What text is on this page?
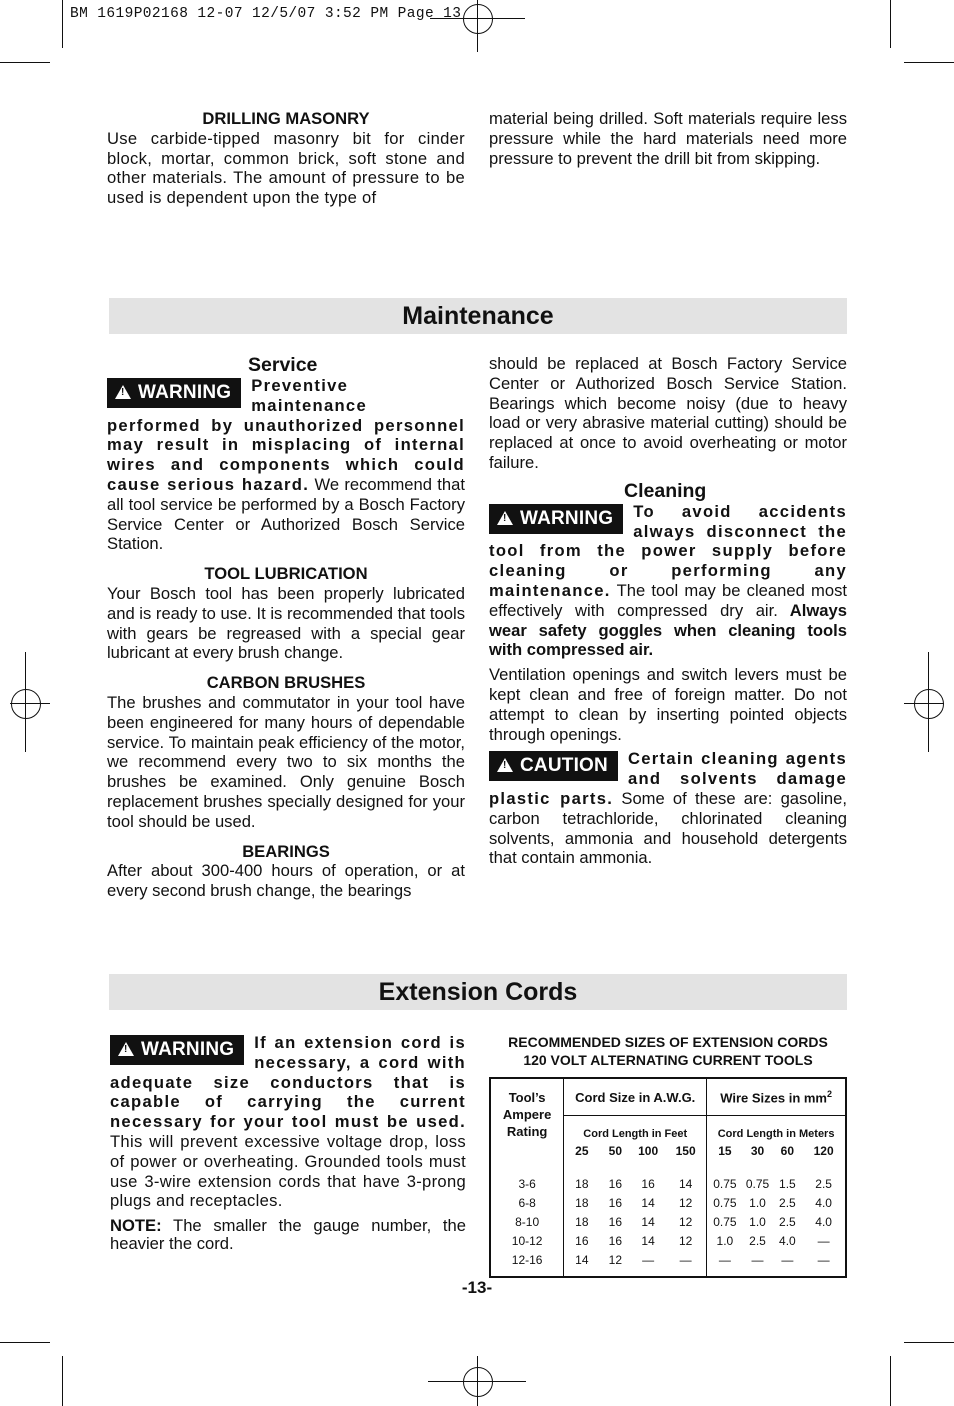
BM 1619P02168 12-07 12/5/07 3:52 PM Page 13

DRILLING MASONRY

Use carbide-tipped masonry bit for cinder block, mortar, common brick, soft stone and other materials. The amount of pressure to be used is dependent upon the type of

material being drilled. Soft materials require less pressure while the hard materials need more pressure to prevent the drill bit from skipping.

Maintenance

Service

! WARNING	Preventive maintenance performed by unauthorized personnel may result in misplacing of internal wires and components which could cause serious hazard. We recommend that all tool service be performed by a Bosch Factory Service Center or Authorized Bosch Service Station.

TOOL LUBRICATION

Your Bosch tool has been properly lubricated and is ready to use. It is recommended that tools with gears be regreased with a special gear lubricant at every brush change.

CARBON BRUSHES

The brushes and commutator in your tool have been engineered for many hours of dependable service. To maintain peak efficiency of the motor, we recommend every two to six months the brushes be examined. Only genuine Bosch replacement brushes specially designed for your tool should be used.

BEARINGS

After about 300-400 hours of operation, or at every second brush change, the bearings

should be replaced at Bosch Factory Service Center or Authorized Bosch Service Station. Bearings which become noisy (due to heavy load or very abrasive material cutting) should be replaced at once to avoid overheating or motor failure.

Cleaning

! WARNING	To avoid accidents always disconnect the tool from the power supply before cleaning or performing any maintenance. The tool may be cleaned most effectively with compressed dry air. Always wear safety goggles when cleaning tools with compressed air.

Ventilation openings and switch levers must be kept clean and free of foreign matter. Do not attempt to clean by inserting pointed objects through openings.

! CAUTION	Certain cleaning agents and solvents damage plastic parts. Some of these are: gasoline, carbon tetrachloride, chlorinated cleaning solvents, ammonia and household detergents that contain ammonia.

Extension Cords

! WARNING	If an extension cord is necessary, a cord with adequate size conductors that is capable of carrying the current necessary for your tool must be used. This will prevent excessive voltage drop, loss of power or overheating. Grounded tools must use 3-wire extension cords that have 3-prong plugs and receptacles.

NOTE: The smaller the gauge number, the heavier the cord.

RECOMMENDED SIZES OF EXTENSION CORDS
120 VOLT ALTERNATING CURRENT TOOLS
Tool’s Ampere Rating	Cord Size in A.W.G.				Wire Sizes in $mm^2$
	Cord Length in Feet				Cord Length in Meters			
	25	50	100	150	15	30	60	120

3-6	18	16	16	14	0.75	0.75	1.5	2.5
6-8	18	16	14	12	0.75	1.0	2.5	4.0
8-10	18	16	14	12	0.75	1.0	2.5	4.0
10-12	16	16	14	12	1.0	2.5	4.0	—
12-16	14	12	—	—	—	—	—	—

-13-
